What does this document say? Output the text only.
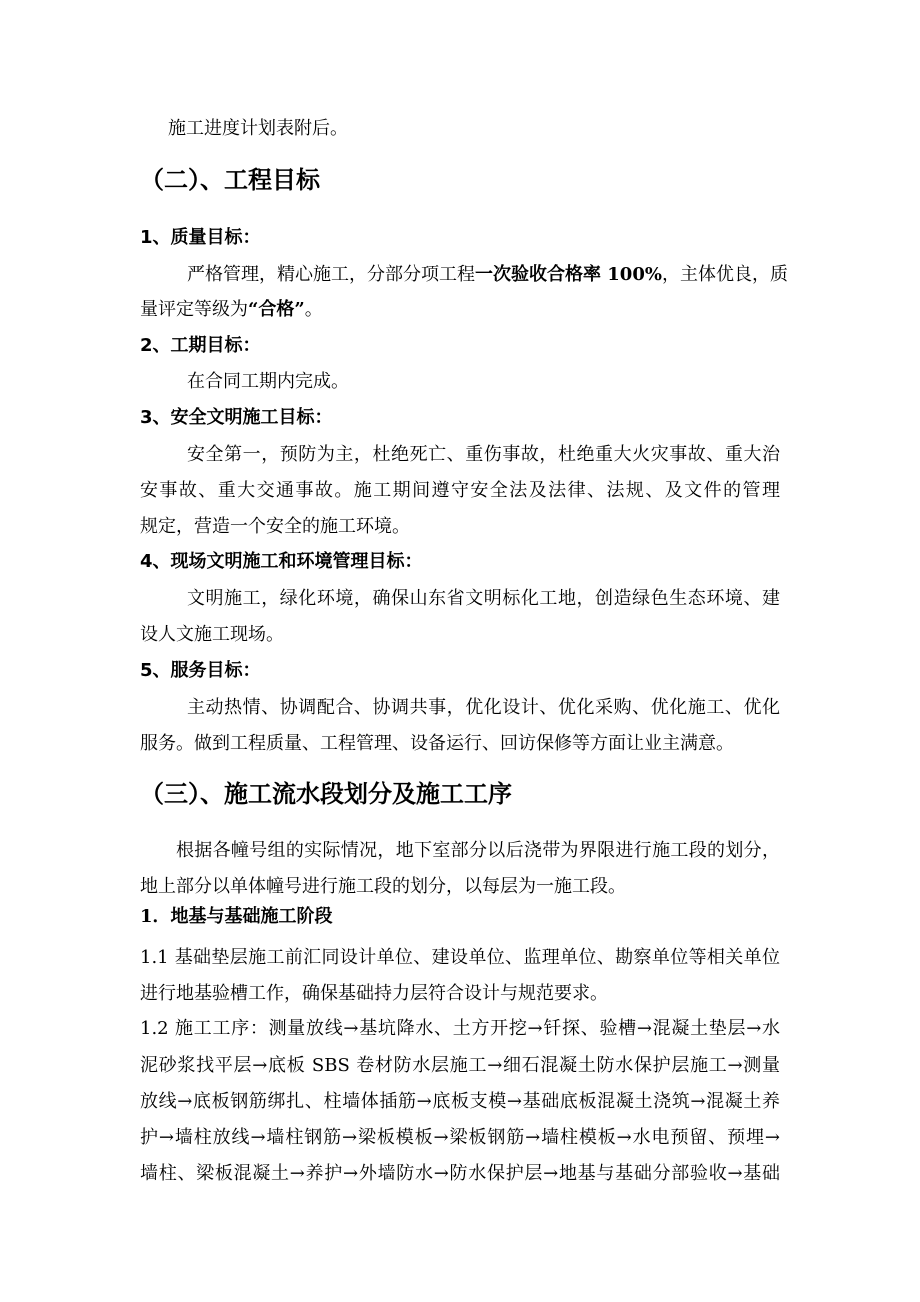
施工进度计划表附后。
（二）、工程目标
1、质量目标：
严格管理，精心施工，分部分项工程一次验收合格率 100%，主体优良，质
量评定等级为“合格”。
2、工期目标：
在合同工期内完成。
3、安全文明施工目标：
安全第一，预防为主，杜绝死亡、重伤事故，杜绝重大火灾事故、重大治
安事故、重大交通事故。施工期间遵守安全法及法律、法规、及文件的管理
规定，营造一个安全的施工环境。
4、现场文明施工和环境管理目标：
文明施工，绿化环境，确保山东省文明标化工地，创造绿色生态环境、建
设人文施工现场。
5、服务目标：
主动热情、协调配合、协调共事，优化设计、优化采购、优化施工、优化
服务。做到工程质量、工程管理、设备运行、回访保修等方面让业主满意。
（三）、施工流水段划分及施工工序
根据各幢号组的实际情况，地下室部分以后浇带为界限进行施工段的划分，
地上部分以单体幢号进行施工段的划分，以每层为一施工段。
1．地基与基础施工阶段
1.1 基础垫层施工前汇同设计单位、建设单位、监理单位、勘察单位等相关单位
进行地基验槽工作，确保基础持力层符合设计与规范要求。
1.2 施工工序：测量放线→基坑降水、土方开挖→钎探、验槽→混凝土垫层→水
泥砂浆找平层→底板 SBS 卷材防水层施工→细石混凝土防水保护层施工→测量
放线→底板钢筋绑扎、柱墙体插筋→底板支模→基础底板混凝土浇筑→混凝土养
护→墙柱放线→墙柱钢筋→梁板模板→梁板钢筋→墙柱模板→水电预留、预埋→
墙柱、梁板混凝土→养护→外墙防水→防水保护层→地基与基础分部验收→基础
